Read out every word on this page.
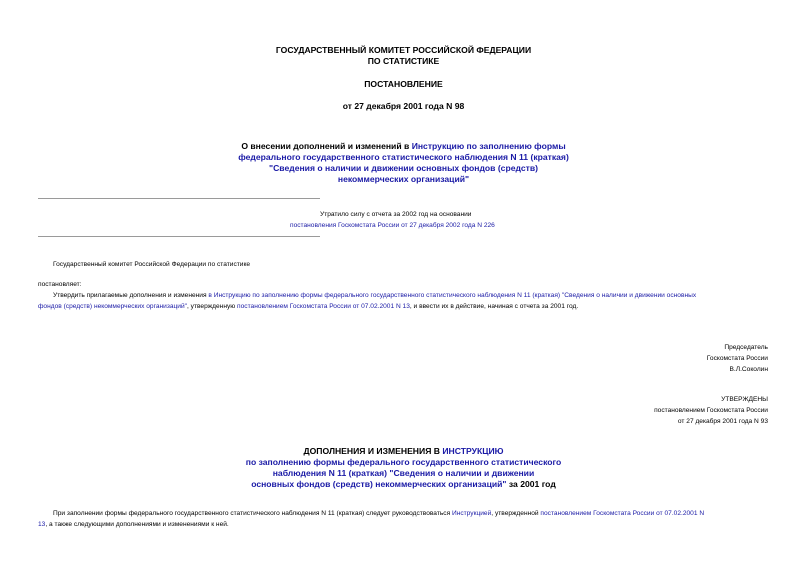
ГОСУДАРСТВЕННЫЙ КОМИТЕТ РОССИЙСКОЙ ФЕДЕРАЦИИ
ПО СТАТИСТИКЕ
ПОСТАНОВЛЕНИЕ
от 27 декабря 2001 года N 98
О внесении дополнений и изменений в Инструкцию по заполнению формы
федерального государственного статистического наблюдения N 11 (краткая)
"Сведения о наличии и движении основных фондов (средств)
некоммерческих организаций"
Утратило силу с отчета за 2002 год на основании
постановления Госкомстата России от 27 декабря 2002 года N 226
Государственный комитет Российской Федерации по статистике
постановляет:
Утвердить прилагаемые дополнения и изменения в Инструкцию по заполнению формы федерального государственного статистического наблюдения N 11 (краткая) "Сведения о наличии и движении основных
фондов (средств) некоммерческих организаций", утвержденную постановлением Госкомстата России от 07.02.2001 N 13, и ввести их в действие, начиная с отчета за 2001 год.
Председатель
Госкомстата России
В.Л.Соколин
УТВЕРЖДЕНЫ
постановлением Госкомстата России
от 27 декабря 2001 года N 93
ДОПОЛНЕНИЯ И ИЗМЕНЕНИЯ В ИНСТРУКЦИЮ
по заполнению формы федерального государственного статистического
наблюдения N 11 (краткая) "Сведения о наличии и движении
основных фондов (средств) некоммерческих организаций" за 2001 год
При заполнении формы федерального государственного статистического наблюдения N 11 (краткая) следует руководствоваться Инструкцией, утвержденной постановлением Госкомстата России от 07.02.2001 N
13, а также следующими дополнениями и изменениями к ней.
